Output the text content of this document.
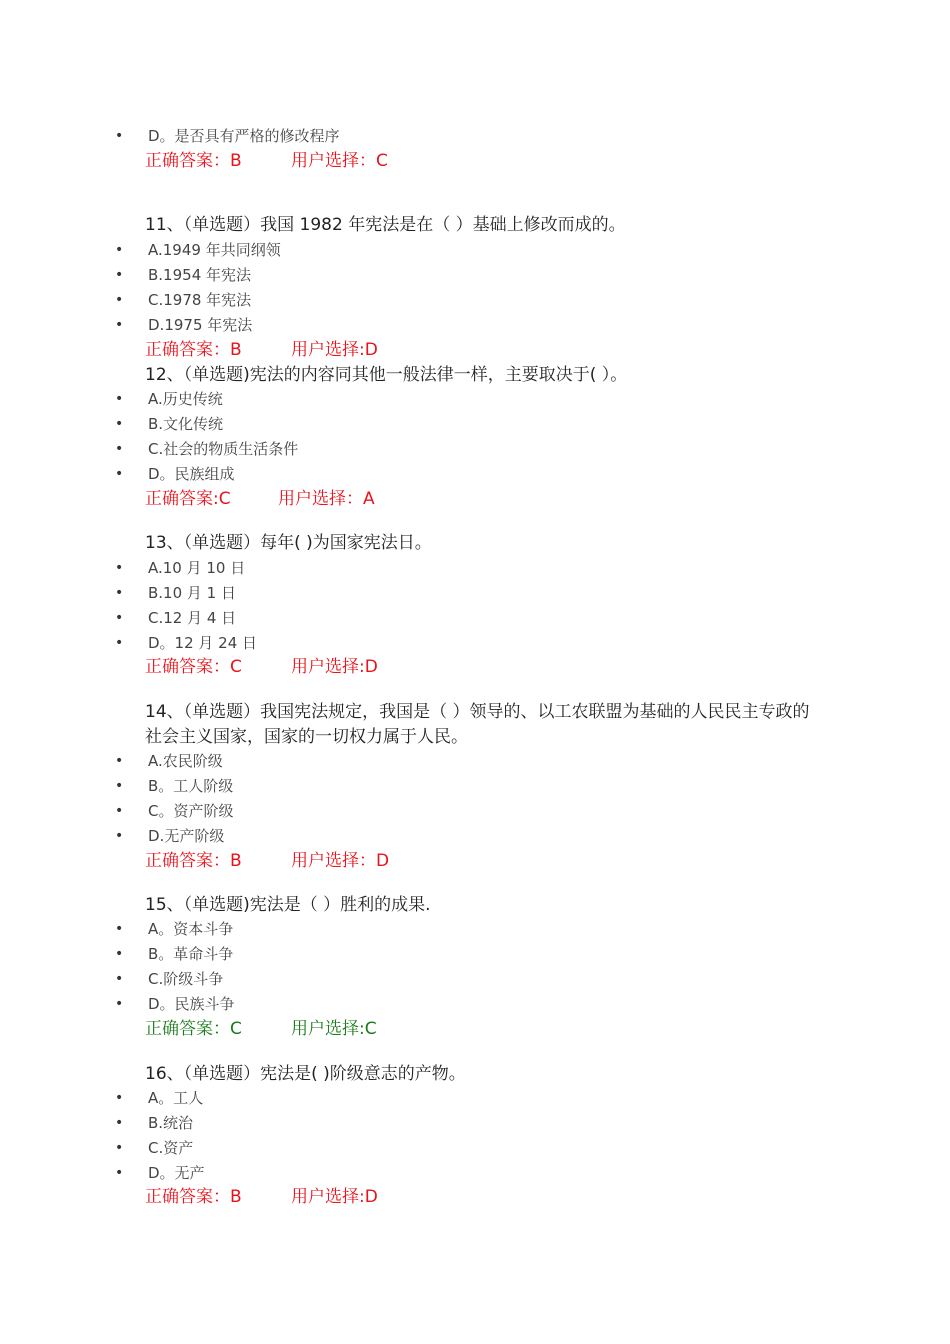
• D。是否具有严格的修改程序
正确答案：B	用户选择：C
11、（单选题）我国 1982 年宪法是在（ ）基础上修改而成的。
• A.1949 年共同纲领
• B.1954 年宪法
• C.1978 年宪法
• D.1975 年宪法
正确答案：B	用户选择:D
12、（单选题)宪法的内容同其他一般法律一样，主要取决于( ）。
• A.历史传统
• B.文化传统
• C.社会的物质生活条件
• D。民族组成
正确答案:C	用户选择：A
13、（单选题）每年( )为国家宪法日。
• A.10 月 10 日
• B.10 月 1 日
• C.12 月 4 日
• D。12 月 24 日
正确答案：C	用户选择:D
14、（单选题）我国宪法规定，我国是（ ）领导的、以工农联盟为基础的人民民主专政的社会主义国家，国家的一切权力属于人民。
• A.农民阶级
• B。工人阶级
• C。资产阶级
• D.无产阶级
正确答案：B	用户选择：D
15、（单选题)宪法是（ ）胜利的成果.
• A。资本斗争
• B。革命斗争
• C.阶级斗争
• D。民族斗争
正确答案：C	用户选择:C
16、（单选题）宪法是( )阶级意志的产物。
• A。工人
• B.统治
• C.资产
• D。无产
正确答案：B	用户选择:D
